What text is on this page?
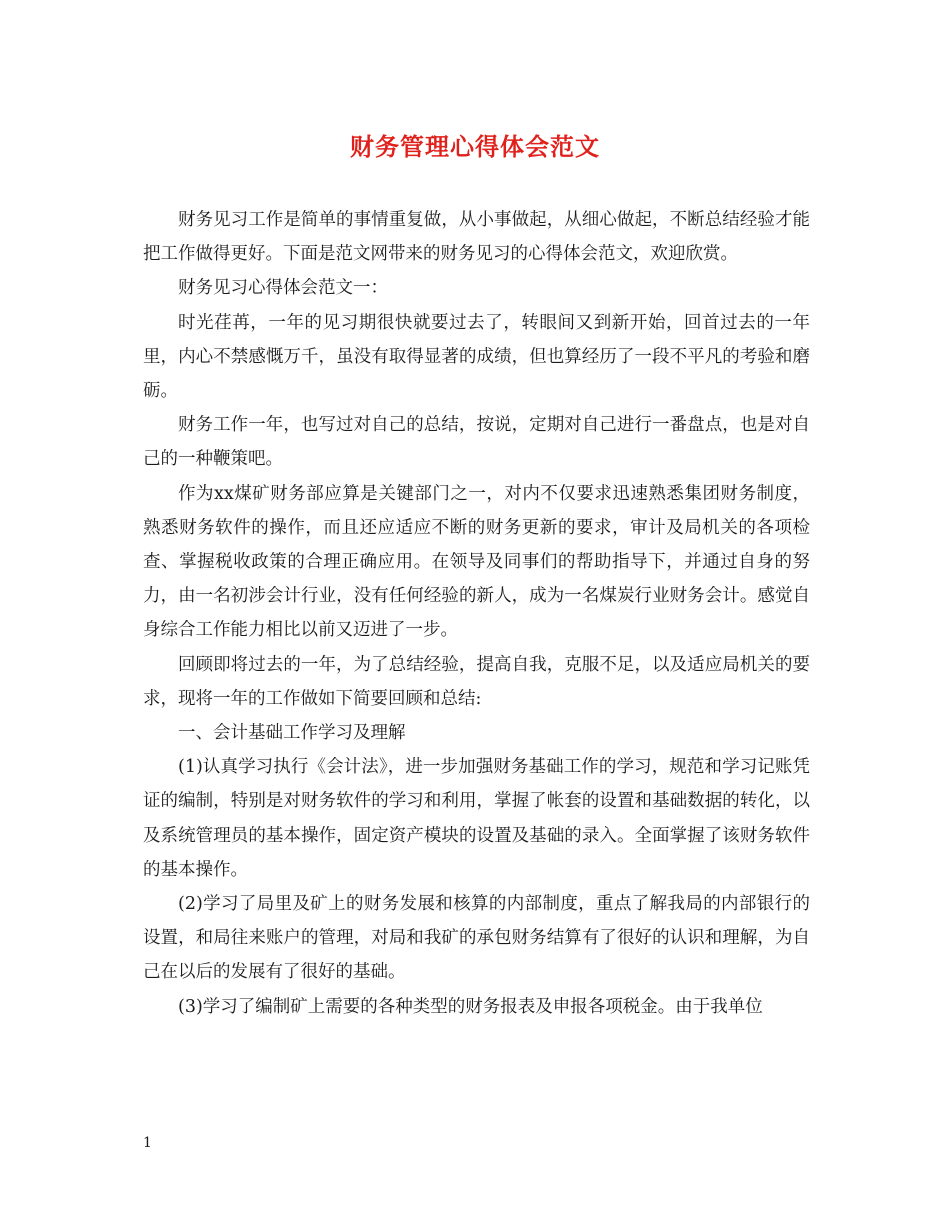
财务管理心得体会范文

财务见习工作是简单的事情重复做，从小事做起，从细心做起，不断总结经验才能把工作做得更好。下面是范文网带来的财务见习的心得体会范文，欢迎欣赏。

财务见习心得体会范文一：

时光荏苒，一年的见习期很快就要过去了，转眼间又到新开始，回首过去的一年里，内心不禁感慨万千，虽没有取得显著的成绩，但也算经历了一段不平凡的考验和磨砺。

财务工作一年，也写过对自己的总结，按说，定期对自己进行一番盘点，也是对自己的一种鞭策吧。

作为xx煤矿财务部应算是关键部门之一，对内不仅要求迅速熟悉集团财务制度，熟悉财务软件的操作，而且还应适应不断的财务更新的要求，审计及局机关的各项检查、掌握税收政策的合理正确应用。在领导及同事们的帮助指导下，并通过自身的努力，由一名初涉会计行业，没有任何经验的新人，成为一名煤炭行业财务会计。感觉自身综合工作能力相比以前又迈进了一步。

回顾即将过去的一年，为了总结经验，提高自我，克服不足，以及适应局机关的要求，现将一年的工作做如下简要回顾和总结:

一、会计基础工作学习及理解

(1)认真学习执行《会计法》，进一步加强财务基础工作的学习，规范和学习记账凭证的编制，特别是对财务软件的学习和利用，掌握了帐套的设置和基础数据的转化，以及系统管理员的基本操作，固定资产模块的设置及基础的录入。全面掌握了该财务软件的基本操作。

(2)学习了局里及矿上的财务发展和核算的内部制度，重点了解我局的内部银行的设置，和局往来账户的管理，对局和我矿的承包财务结算有了很好的认识和理解，为自己在以后的发展有了很好的基础。

(3)学习了编制矿上需要的各种类型的财务报表及申报各项税金。由于我单位

1
